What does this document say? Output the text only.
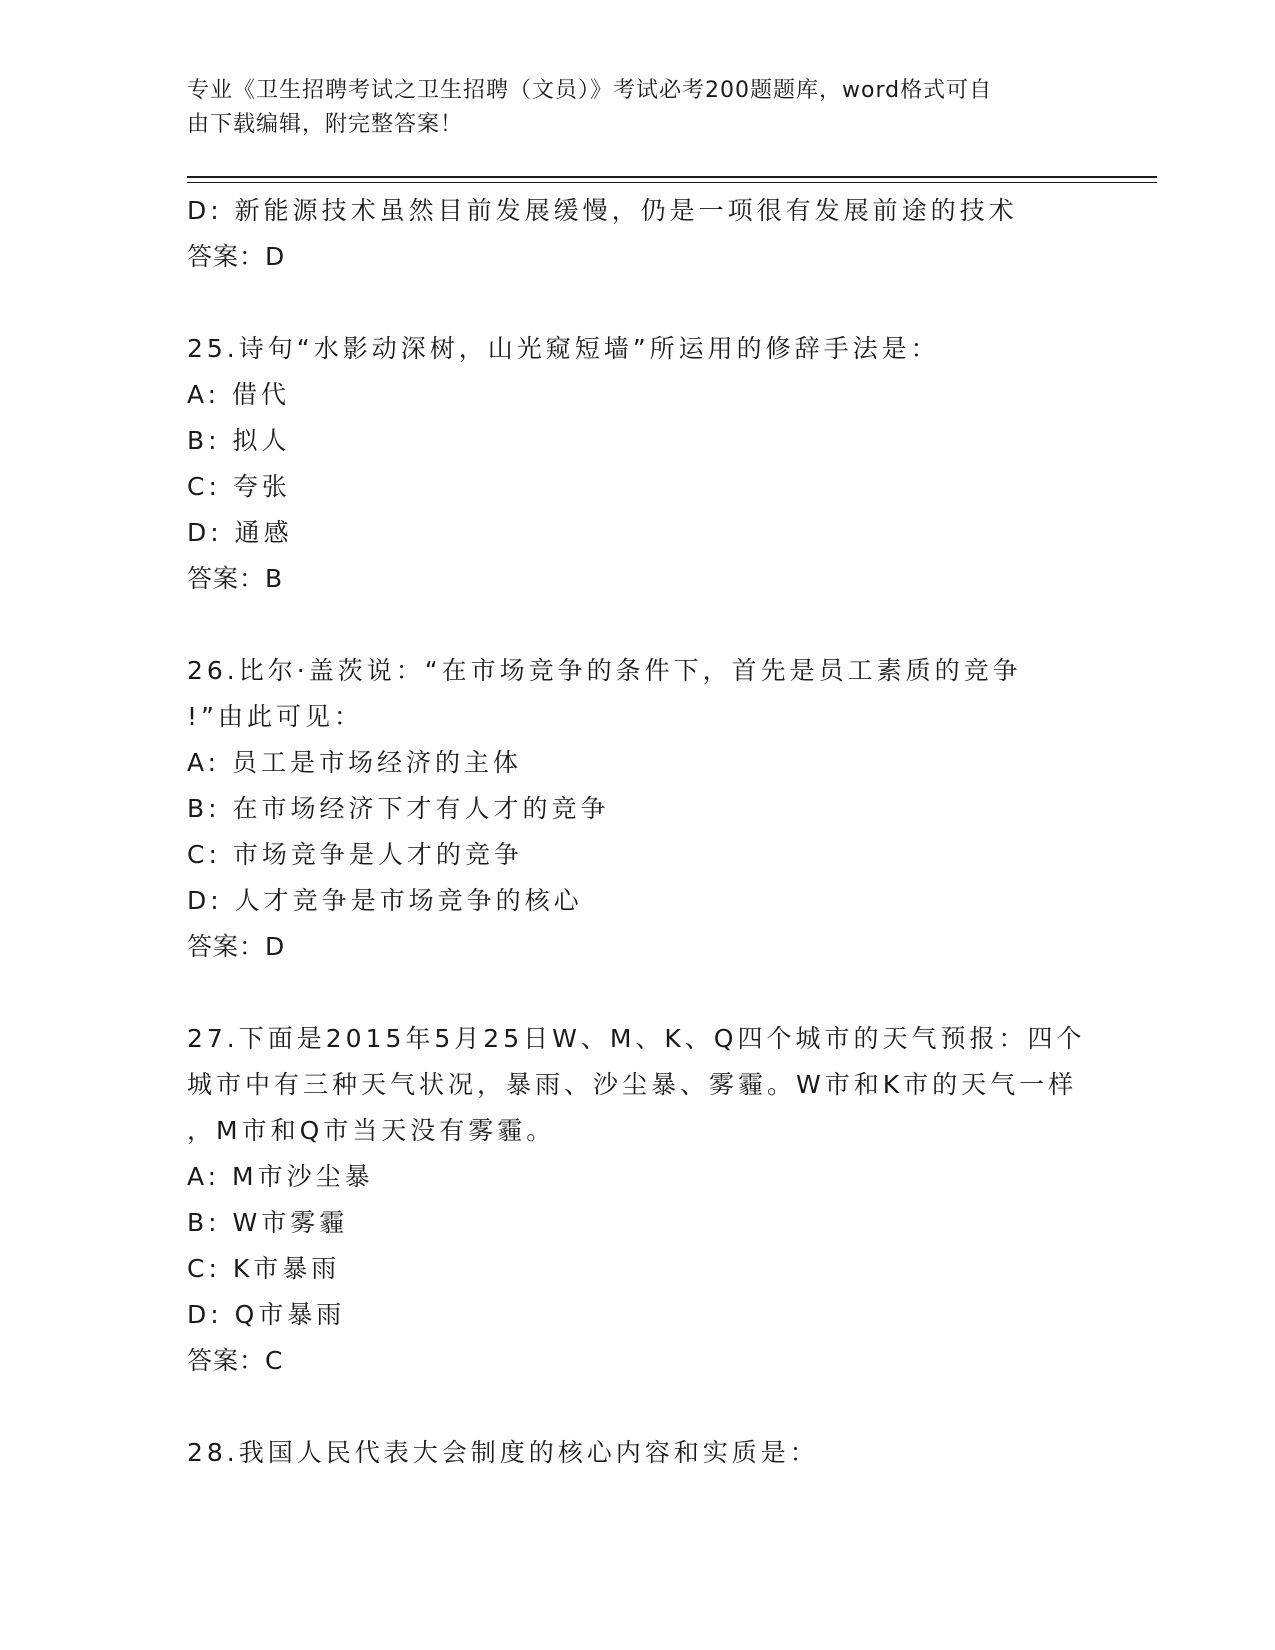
专业《卫生招聘考试之卫生招聘（文员）》考试必考200题题库，word格式可自
由下载编辑，附完整答案！
D: 新能源技术虽然目前发展缓慢，仍是一项很有发展前途的技术
答案：D
25.诗句“水影动深树，山光窥短墙”所运用的修辞手法是：
A: 借代
B: 拟人
C: 夸张
D: 通感
答案：B
26.比尔·盖茨说：“在市场竞争的条件下，首先是员工素质的竞争
!”由此可见：
A: 员工是市场经济的主体
B: 在市场经济下才有人才的竞争
C: 市场竞争是人才的竞争
D: 人才竞争是市场竞争的核心
答案：D
27.下面是2015年5月25日W、M、K、Q四个城市的天气预报：四个
城市中有三种天气状况，暴雨、沙尘暴、雾霾。W市和K市的天气一样
，M市和Q市当天没有雾霾。
A: M市沙尘暴
B: W市雾霾
C: K市暴雨
D: Q市暴雨
答案：C
28.我国人民代表大会制度的核心内容和实质是：
